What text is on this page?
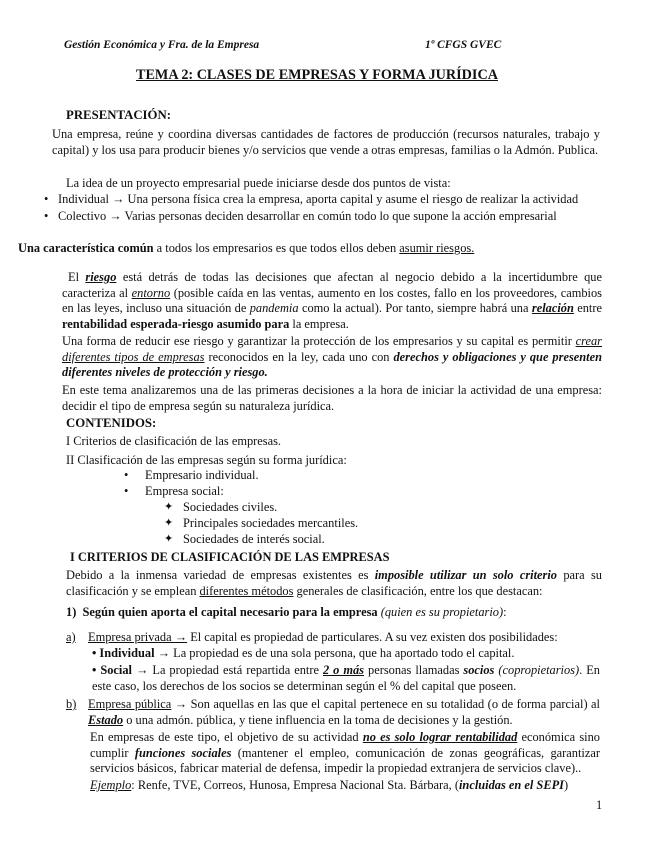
Gestión Económica y Fra. de la Empresa	1º CFGS GVEC
TEMA 2: CLASES DE EMPRESAS Y FORMA JURÍDICA
PRESENTACIÓN:
Una empresa, reúne y coordina diversas cantidades de factores de producción (recursos naturales, trabajo y capital) y los usa para producir bienes y/o servicios que vende a otras empresas, familias o la Admón. Publica.
La idea de un proyecto empresarial puede iniciarse desde dos puntos de vista:
• Individual → Una persona física crea la empresa, aporta capital y asume el riesgo de realizar la actividad
• Colectivo → Varias personas deciden desarrollar en común todo lo que supone la acción empresarial
Una característica común a todos los empresarios es que todos ellos deben asumir riesgos.
El riesgo está detrás de todas las decisiones que afectan al negocio debido a la incertidumbre que caracteriza al entorno (posible caída en las ventas, aumento en los costes, fallo en los proveedores, cambios en las leyes, incluso una situación de pandemia como la actual). Por tanto, siempre habrá una relación entre rentabilidad esperada-riesgo asumido para la empresa.
Una forma de reducir ese riesgo y garantizar la protección de los empresarios y su capital es permitir crear diferentes tipos de empresas reconocidos en la ley, cada uno con derechos y obligaciones y que presenten diferentes niveles de protección y riesgo.
En este tema analizaremos una de las primeras decisiones a la hora de iniciar la actividad de una empresa: decidir el tipo de empresa según su naturaleza jurídica.
CONTENIDOS:
I Criterios de clasificación de las empresas.
II Clasificación de las empresas según su forma jurídica:
• Empresario individual.
• Empresa social:
✦ Sociedades civiles.
✦ Principales sociedades mercantiles.
✦ Sociedades de interés social.
I CRITERIOS DE CLASIFICACIÓN DE LAS EMPRESAS
Debido a la inmensa variedad de empresas existentes es imposible utilizar un solo criterio para su clasificación y se emplean diferentes métodos generales de clasificación, entre los que destacan:
1) Según quien aporta el capital necesario para la empresa (quien es su propietario):
a) Empresa privada → El capital es propiedad de particulares. A su vez existen dos posibilidades:
• Individual → La propiedad es de una sola persona, que ha aportado todo el capital.
• Social → La propiedad está repartida entre 2 o más personas llamadas socios (copropietarios). En este caso, los derechos de los socios se determinan según el % del capital que poseen.
b) Empresa pública → Son aquellas en las que el capital pertenece en su totalidad (o de forma parcial) al Estado o una admón. pública, y tiene influencia en la toma de decisiones y la gestión.
En empresas de este tipo, el objetivo de su actividad no es solo lograr rentabilidad económica sino cumplir funciones sociales (mantener el empleo, comunicación de zonas geográficas, garantizar servicios básicos, fabricar material de defensa, impedir la propiedad extranjera de servicios clave)..
Ejemplo: Renfe, TVE, Correos, Hunosa, Empresa Nacional Sta. Bárbara, (incluidas en el SEPI)
1
